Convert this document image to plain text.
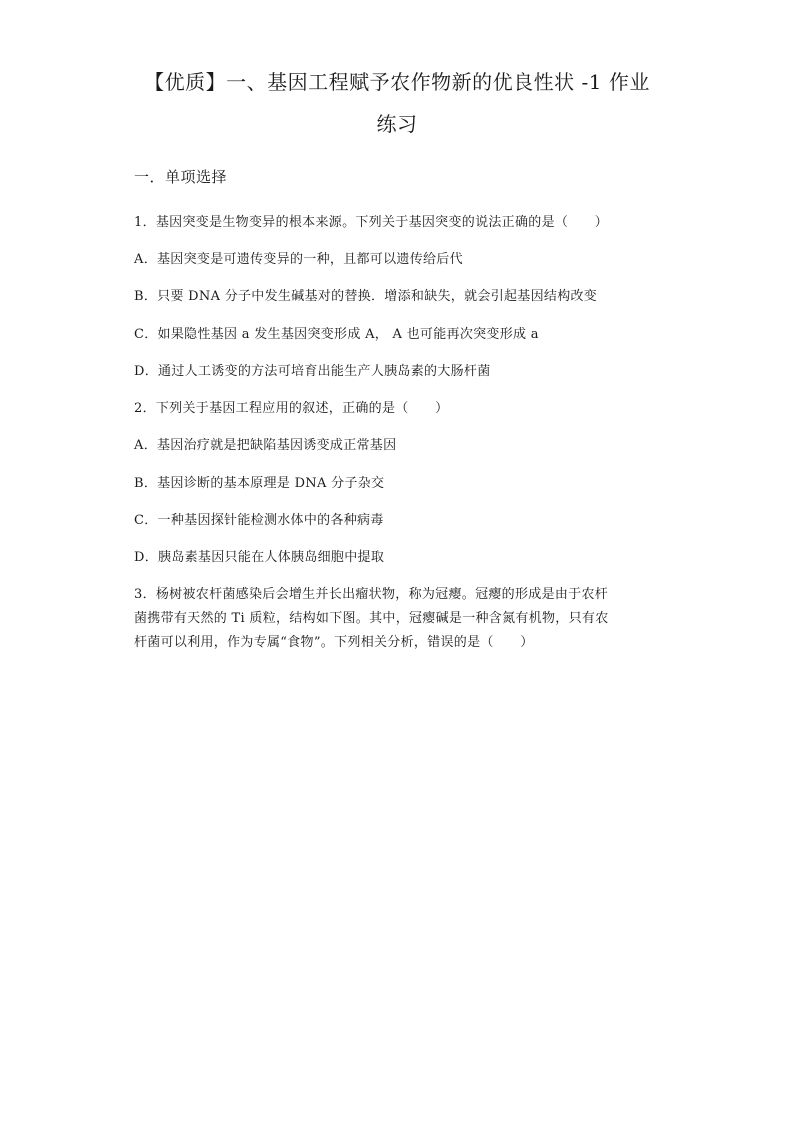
【优质】一、基因工程赋予农作物新的优良性状 -1 作业
练习
一．单项选择
1．基因突变是生物变异的根本来源。下列关于基因突变的说法正确的是（　　）
A．基因突变是可遗传变异的一种，且都可以遗传给后代
B．只要 DNA 分子中发生碱基对的替换．增添和缺失，就会引起基因结构改变
C．如果隐性基因 a 发生基因突变形成 A， A 也可能再次突变形成 a
D．通过人工诱变的方法可培育出能生产人胰岛素的大肠杆菌
2．下列关于基因工程应用的叙述，正确的是（　　）
A．基因治疗就是把缺陷基因诱变成正常基因
B．基因诊断的基本原理是 DNA 分子杂交
C．一种基因探针能检测水体中的各种病毒
D．胰岛素基因只能在人体胰岛细胞中提取
3．杨树被农杆菌感染后会增生并长出瘤状物，称为冠瘿。冠瘿的形成是由于农杆
菌携带有天然的 Ti 质粒，结构如下图。其中，冠瘿碱是一种含氮有机物，只有农
杆菌可以利用，作为专属“食物”。下列相关分析，错误的是（　　）
